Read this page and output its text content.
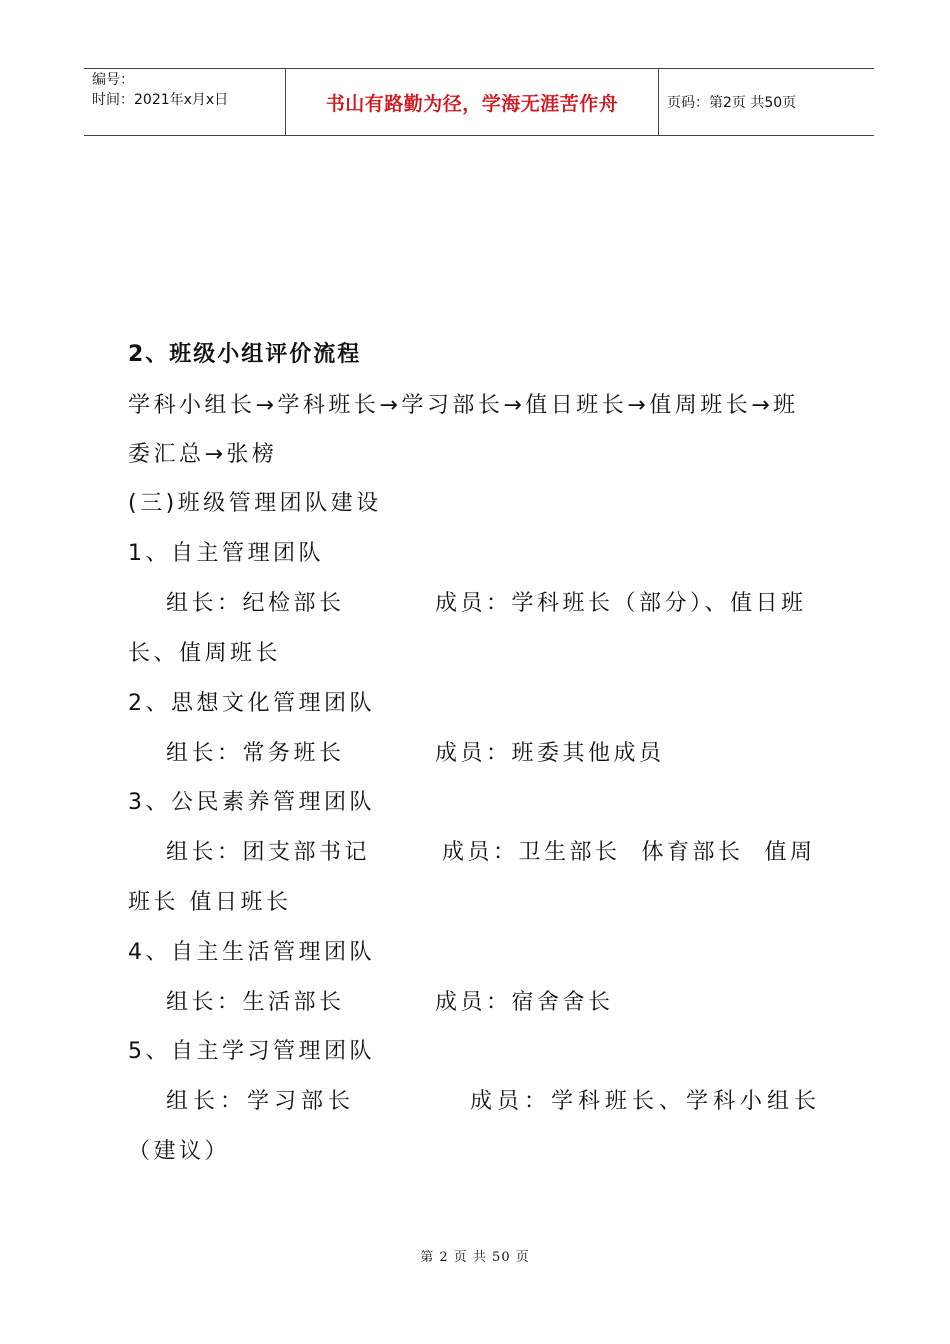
编号：
时间：2021年x月x日	书山有路勤为径，学海无涯苦作舟	页码：第2页 共50页
2、班级小组评价流程
学科小组长→学科班长→学习部长→值日班长→值周班长→班
委汇总→张榜
(三)班级管理团队建设
1、自主管理团队
组长：纪检部长	成员：学科班长（部分）、值日班
长、值周班长
2、思想文化管理团队
组长：常务班长	成员：班委其他成员
3、公民素养管理团队
组长：团支部书记	成员：卫生部长  体育部长  值周
班长 值日班长
4、自主生活管理团队
组长：生活部长	成员：宿舍舍长
5、自主学习管理团队
组长：学习部长	成员：学科班长、学科小组长
（建议）
第 2 页 共 50 页
